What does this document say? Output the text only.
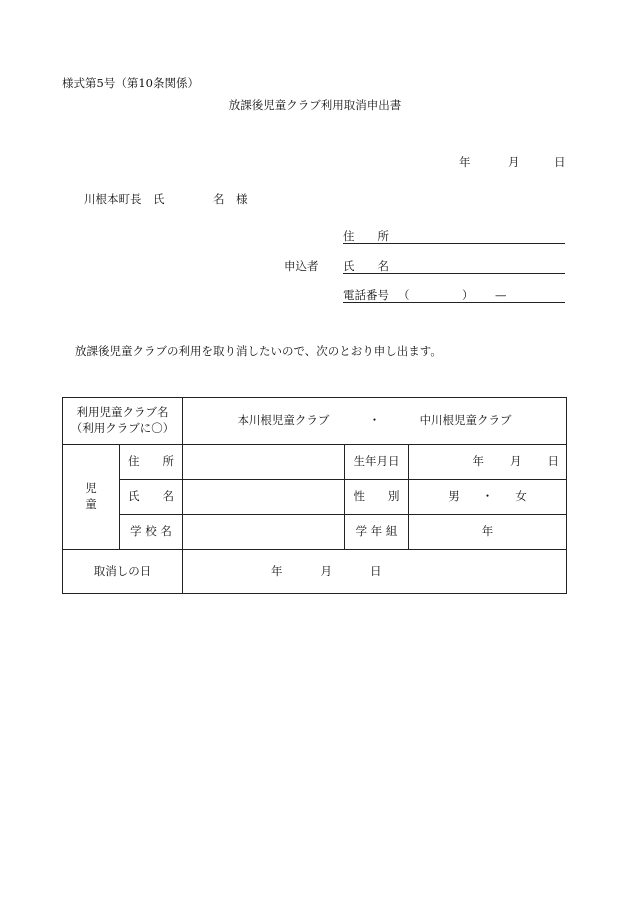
様式第5号（第10条関係）
放課後児童クラブ利用取消申出書
年	月	日
川根本町長　氏	名　様
申込者
住　　所
氏　　名
電話番号 （	） —
放課後児童クラブの利用を取り消したいので、次のとおり申し出ます。
利用児童クラブ名
（利用クラブに〇）		本川根児童クラブ ・ 中川根児童クラブ		
児　　　童	住　　所		生年月日	年 月 日
	氏　　名		性　　別	男 ・ 女
	学 校 名		学 年 組	年
取消しの日		年 月 日		
